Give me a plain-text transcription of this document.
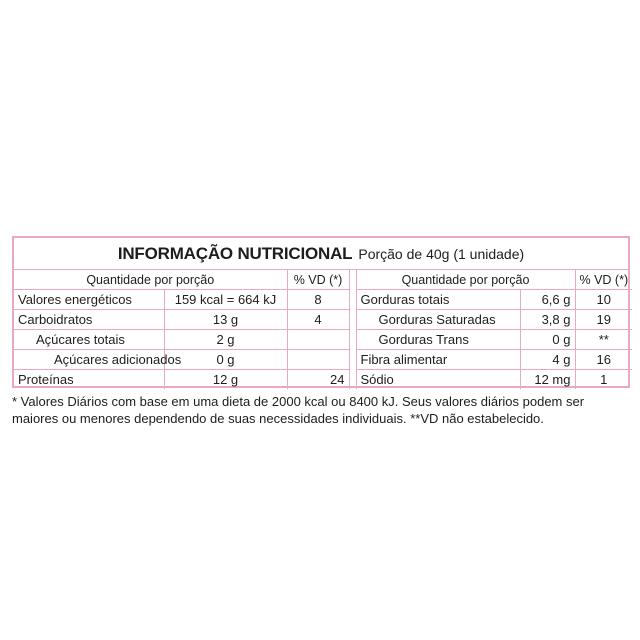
INFORMAÇÃO NUTRICIONAL Porção de 40g (1 unidade)
Quantidade por porção		% VD (*)		Quantidade por porção		% VD (*)
Valores energéticos	159 kcal = 664 kJ	8		Gorduras totais	6,6 g	10
Carboidratos	13 g	4		Gorduras Saturadas	3,8 g	19
Açúcares totais	2 g			Gorduras Trans	0 g	**
Açúcares adicionados	0 g			Fibra alimentar	4 g	16
Proteínas	12 g	24		Sódio	12 mg	1
* Valores Diários com base em uma dieta de 2000 kcal ou 8400 kJ. Seus valores diários podem ser maiores ou menores dependendo de suas necessidades individuais. **VD não estabelecido.
